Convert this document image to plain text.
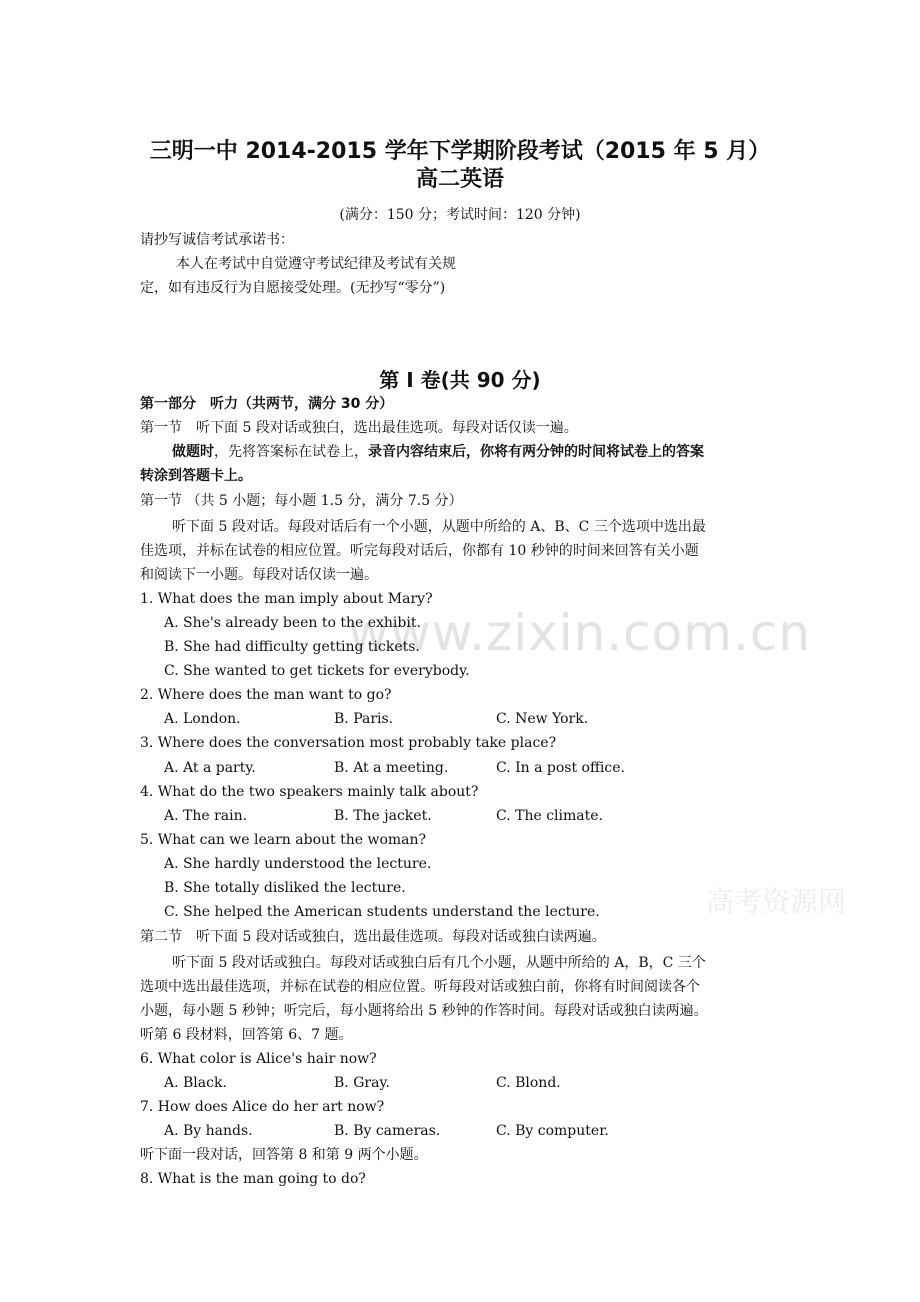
www.zixin.com.cn
高考资源网
三明一中 2014-2015 学年下学期阶段考试（2015 年 5 月）
高二英语
(满分：150 分；考试时间：120 分钟)
请抄写诚信考试承诺书：
本人在考试中自觉遵守考试纪律及考试有关规
定，如有违反行为自愿接受处理。(无抄写“零分”)
第 I 卷(共 90 分)
第一部分　听力（共两节，满分 30 分）
第一节　听下面 5 段对话或独白，选出最佳选项。每段对话仅读一遍。
做题时，先将答案标在试卷上，录音内容结束后，你将有两分钟的时间将试卷上的答案
转涂到答题卡上。
第一节 （共 5 小题；每小题 1.5 分，满分 7.5 分）
听下面 5 段对话。每段对话后有一个小题，从题中所给的 A、B、C 三个选项中选出最
佳选项，并标在试卷的相应位置。听完每段对话后，你都有 10 秒钟的时间来回答有关小题
和阅读下一小题。每段对话仅读一遍。
1. What does the man imply about Mary?
A. She's already been to the exhibit.
B. She had difficulty getting tickets.
C. She wanted to get tickets for everybody.
2. Where does the man want to go?
A. London.	B. Paris.	C. New York.
3. Where does the conversation most probably take place?
A. At a party.	B. At a meeting.	C. In a post office.
4. What do the two speakers mainly talk about?
A. The rain.	B. The jacket.	C. The climate.
5. What can we learn about the woman?
A. She hardly understood the lecture.
B. She totally disliked the lecture.
C. She helped the American students understand the lecture.
第二节　听下面 5 段对话或独白，选出最佳选项。每段对话或独白读两遍。
听下面 5 段对话或独白。每段对话或独白后有几个小题，从题中所给的 A，B，C 三个
选项中选出最佳选项，并标在试卷的相应位置。听每段对话或独白前，你将有时间阅读各个
小题，每小题 5 秒钟；听完后，每小题将给出 5 秒钟的作答时间。每段对话或独白读两遍。
听第 6 段材料，回答第 6、7 题。
6. What color is Alice's hair now?
A. Black.	B. Gray.	C. Blond.
7. How does Alice do her art now?
A. By hands.	B. By cameras.	C. By computer.
听下面一段对话，回答第 8 和第 9 两个小题。
8. What is the man going to do?
